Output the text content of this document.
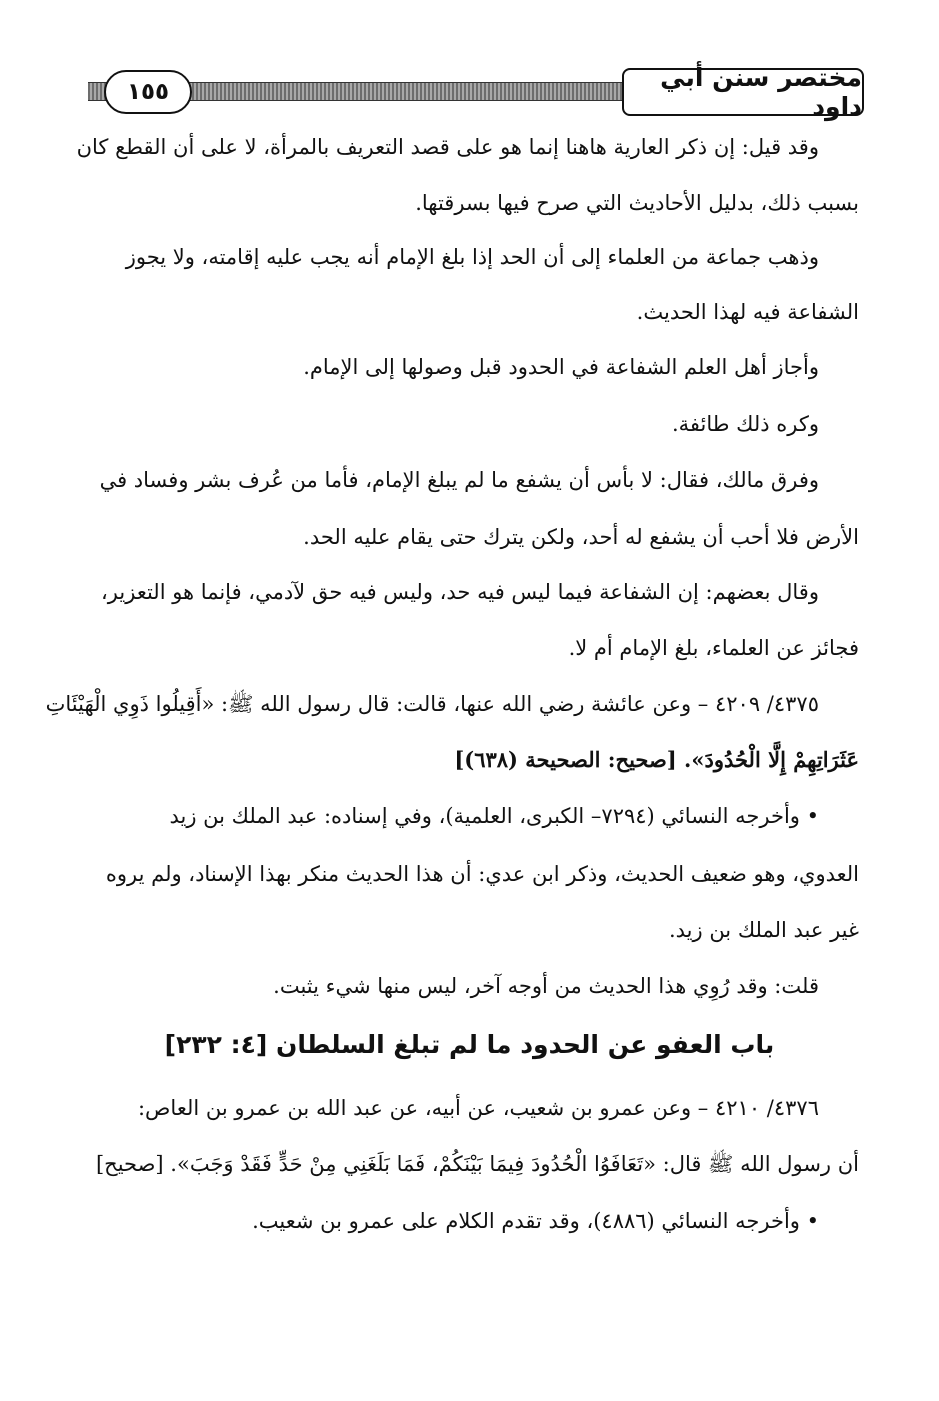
مختصر سنن أبي داود
١٥٥
وقد قيل: إن ذكر العارية هاهنا إنما هو على قصد التعريف بالمرأة، لا على أن القطع كان
بسبب ذلك، بدليل الأحاديث التي صرح فيها بسرقتها.
وذهب جماعة من العلماء إلى أن الحد إذا بلغ الإمام أنه يجب عليه إقامته، ولا يجوز
الشفاعة فيه لهذا الحديث.
وأجاز أهل العلم الشفاعة في الحدود قبل وصولها إلى الإمام.
وكره ذلك طائفة.
وفرق مالك، فقال: لا بأس أن يشفع ما لم يبلغ الإمام، فأما من عُرف بشر وفساد في
الأرض فلا أحب أن يشفع له أحد، ولكن يترك حتى يقام عليه الحد.
وقال بعضهم: إن الشفاعة فيما ليس فيه حد، وليس فيه حق لآدمي، فإنما هو التعزير،
فجائز عن العلماء، بلغ الإمام أم لا.
٤٣٧٥/ ٤٢٠٩ – وعن عائشة رضي الله عنها، قالت: قال رسول الله ﷺ: «أَقِيلُوا ذَوِي الْهَيْئَاتِ
عَثَرَاتِهِمْ إِلَّا الْحُدُودَ». [صحيح: الصحيحة (٦٣٨)]
• وأخرجه النسائي (٧٢٩٤– الكبرى، العلمية)، وفي إسناده: عبد الملك بن زيد
العدوي، وهو ضعيف الحديث، وذكر ابن عدي: أن هذا الحديث منكر بهذا الإسناد، ولم يروه
غير عبد الملك بن زيد.
قلت: وقد رُوِي هذا الحديث من أوجه آخر، ليس منها شيء يثبت.
باب العفو عن الحدود ما لم تبلغ السلطان [٤: ٢٣٢]
٤٣٧٦/ ٤٢١٠ – وعن عمرو بن شعيب، عن أبيه، عن عبد الله بن عمرو بن العاص:
أن رسول الله ﷺ قال: «تَعَافَوُا الْحُدُودَ فِيمَا بَيْنَكُمْ، فَمَا بَلَغَنِي مِنْ حَدٍّ فَقَدْ وَجَبَ». [صحيح]
• وأخرجه النسائي (٤٨٨٦)، وقد تقدم الكلام على عمرو بن شعيب.
